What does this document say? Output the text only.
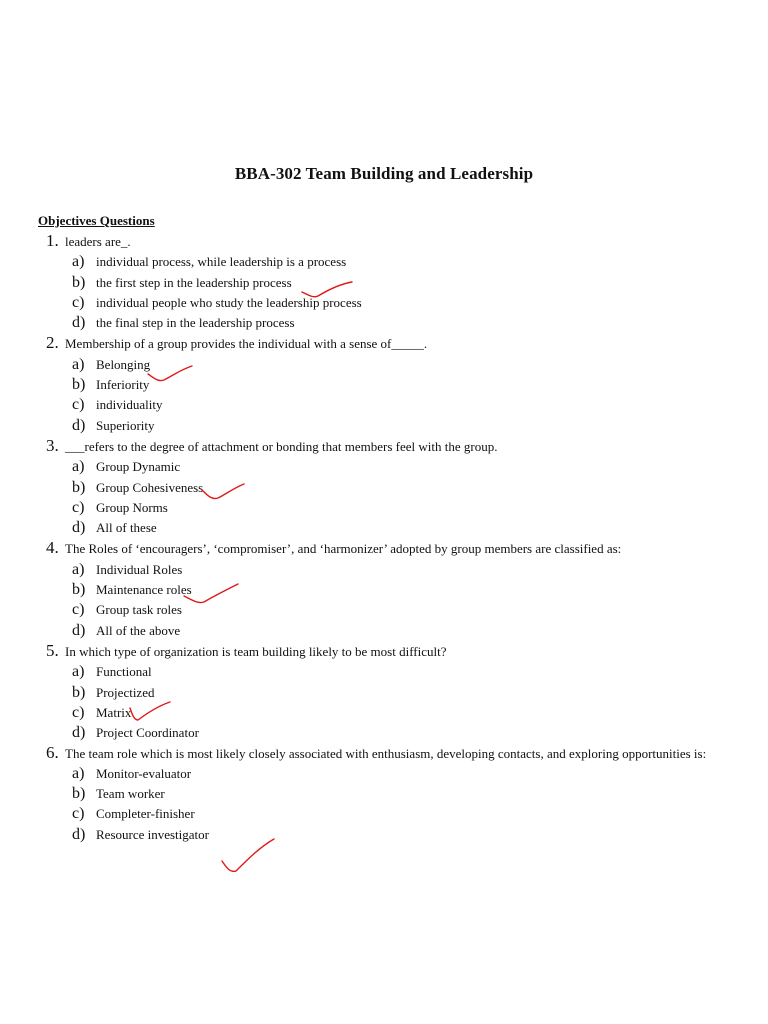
BBA-302 Team Building and Leadership
Objectives Questions
1. leaders are_.
a) individual process, while leadership is a process
b) the first step in the leadership process
c) individual people who study the leadership process
d) the final step in the leadership process
2. Membership of a group provides the individual with a sense of_____.
a) Belonging
b) Inferiority
c) individuality
d) Superiority
3. ___refers to the degree of attachment or bonding that members feel with the group.
a) Group Dynamic
b) Group Cohesiveness
c) Group Norms
d) All of these
4. The Roles of ‘encouragers’, ‘compromiser’, and ‘harmonizer’ adopted by group members are classified as:
a) Individual Roles
b) Maintenance roles
c) Group task roles
d) All of the above
5. In which type of organization is team building likely to be most difficult?
a) Functional
b) Projectized
c) Matrix
d) Project Coordinator
6. The team role which is most likely closely associated with enthusiasm, developing contacts, and exploring opportunities is:
a) Monitor-evaluator
b) Team worker
c) Completer-finisher
d) Resource investigator
